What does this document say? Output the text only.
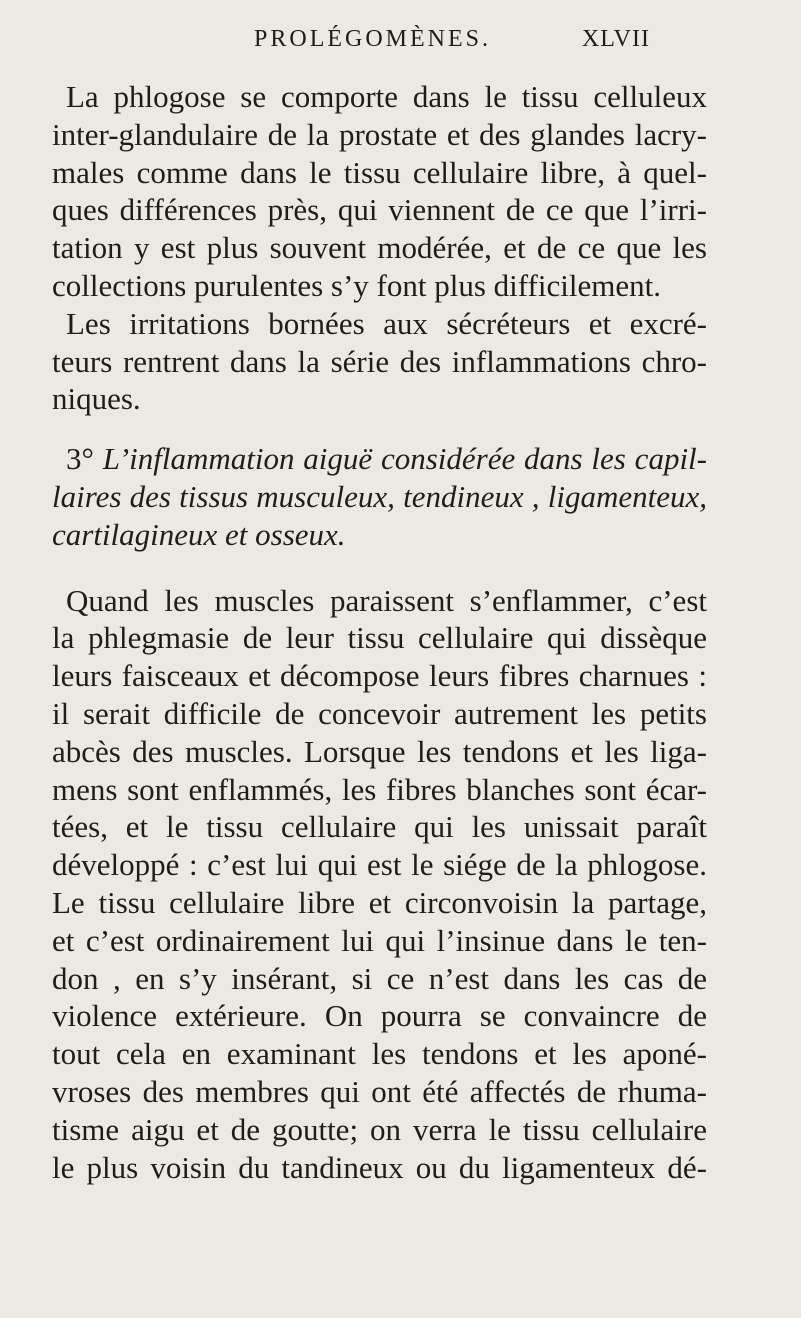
PROLÉGOMÈNES.	XLVII
La phlogose se comporte dans le tissu celluleux
inter-glandulaire de la prostate et des glandes lacry-
males comme dans le tissu cellulaire libre, à quel-
ques différences près, qui viennent de ce que l’irri-
tation y est plus souvent modérée, et de ce que les
collections purulentes s’y font plus difficilement.
Les irritations bornées aux sécréteurs et excré-
teurs rentrent dans la série des inflammations chro-
niques.
3° L’inflammation aiguë considérée dans les capil-
laires des tissus musculeux, tendineux , ligamenteux,
cartilagineux et osseux.
Quand les muscles paraissent s’enflammer, c’est
la phlegmasie de leur tissu cellulaire qui dissèque
leurs faisceaux et décompose leurs fibres charnues :
il serait difficile de concevoir autrement les petits
abcès des muscles. Lorsque les tendons et les liga-
mens sont enflammés, les fibres blanches sont écar-
tées, et le tissu cellulaire qui les unissait paraît
développé : c’est lui qui est le siége de la phlogose.
Le tissu cellulaire libre et circonvoisin la partage,
et c’est ordinairement lui qui l’insinue dans le ten-
don , en s’y insérant, si ce n’est dans les cas de
violence extérieure. On pourra se convaincre de
tout cela en examinant les tendons et les aponé-
vroses des membres qui ont été affectés de rhuma-
tisme aigu et de goutte; on verra le tissu cellulaire
le plus voisin du tandineux ou du ligamenteux dé-
